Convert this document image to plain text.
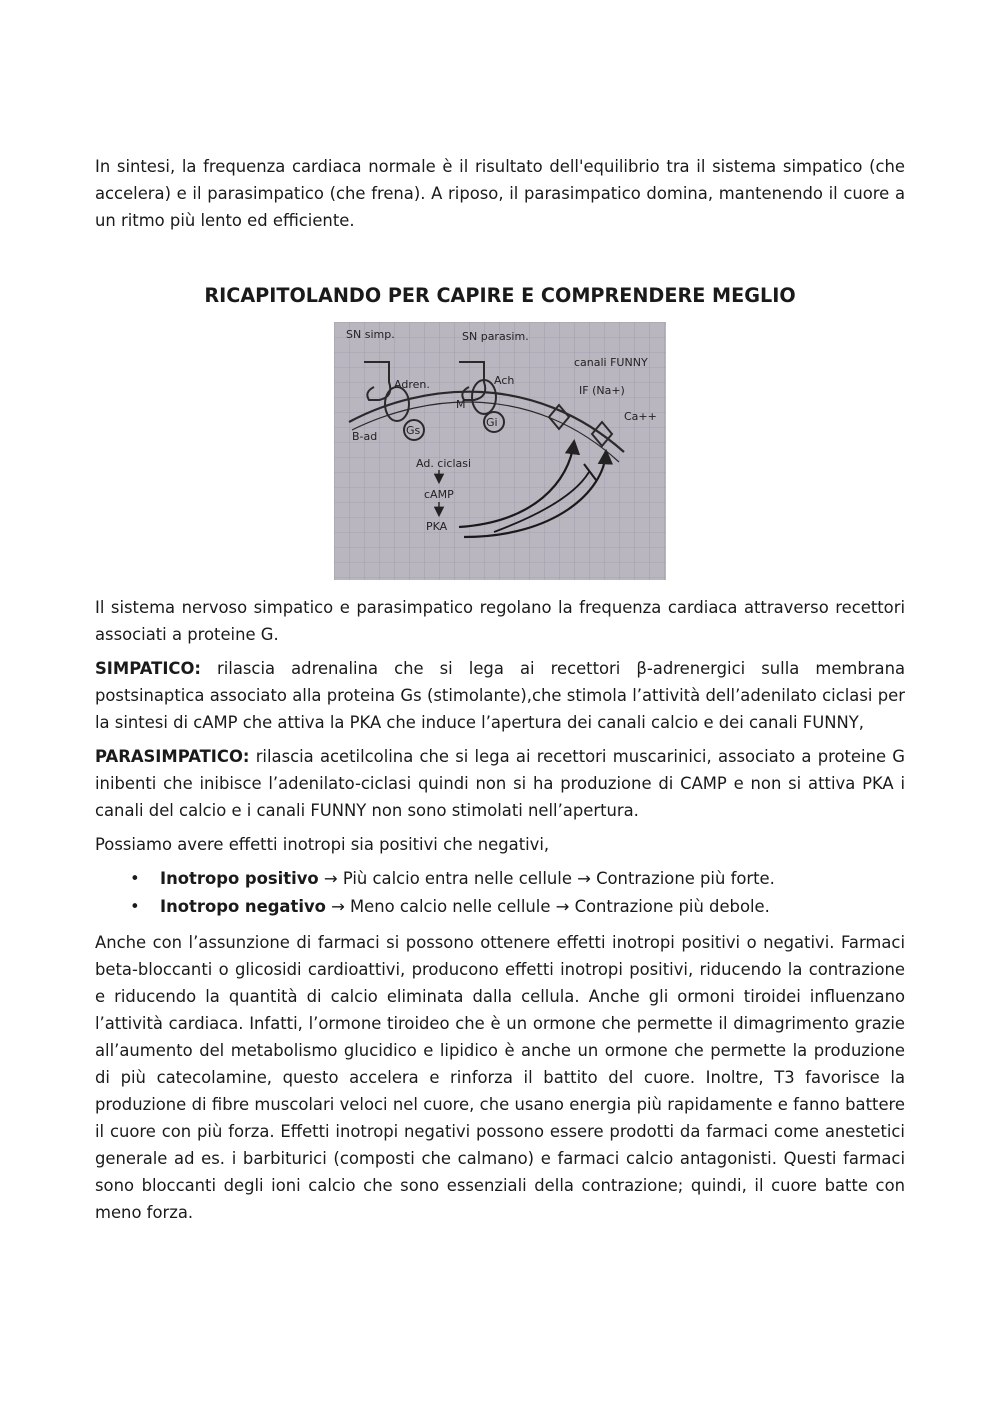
In sintesi, la frequenza cardiaca normale è il risultato dell'equilibrio tra il sistema simpatico (che accelera) e il parasimpatico (che frena). A riposo, il parasimpatico domina, mantenendo il cuore a un ritmo più lento ed efficiente.

RICAPITOLANDO PER CAPIRE E COMPRENDERE MEGLIO
SN simp.	SN parasim.
Adren.	Ach
B-ad
M
Gs
Gi
canali FUNNY
IF (Na+)
Ca++
Ad. ciclasi
cAMP
PKA

Il sistema nervoso simpatico e parasimpatico regolano la frequenza cardiaca attraverso recettori associati a proteine G.

SIMPATICO: rilascia adrenalina che si lega ai recettori β-adrenergici sulla membrana postsinaptica associato alla proteina Gs (stimolante),che stimola l’attività dell’adenilato ciclasi per la sintesi di cAMP che attiva la PKA che induce l’apertura dei canali calcio e dei canali FUNNY,

PARASIMPATICO: rilascia acetilcolina che si lega ai recettori muscarinici, associato a proteine G inibenti che inibisce l’adenilato-ciclasi quindi non si ha produzione di CAMP e non si attiva PKA i canali del calcio e i canali FUNNY non sono stimolati nell’apertura.

Possiamo avere effetti inotropi sia positivi che negativi,

• Inotropo positivo → Più calcio entra nelle cellule → Contrazione più forte.
• Inotropo negativo → Meno calcio nelle cellule → Contrazione più debole.

Anche con l’assunzione di farmaci si possono ottenere effetti inotropi positivi o negativi. Farmaci beta-bloccanti o glicosidi cardioattivi, producono effetti inotropi positivi, riducendo la contrazione e riducendo la quantità di calcio eliminata dalla cellula. Anche gli ormoni tiroidei influenzano l’attività cardiaca. Infatti, l’ormone tiroideo che è un ormone che permette il dimagrimento grazie all’aumento del metabolismo glucidico e lipidico è anche un ormone che permette la produzione di più catecolamine, questo accelera e rinforza il battito del cuore. Inoltre, T3 favorisce la produzione di fibre muscolari veloci nel cuore, che usano energia più rapidamente e fanno battere il cuore con più forza. Effetti inotropi negativi possono essere prodotti da farmaci come anestetici generale ad es. i barbiturici (composti che calmano) e farmaci calcio antagonisti. Questi farmaci sono bloccanti degli ioni calcio che sono essenziali della contrazione; quindi, il cuore batte con meno forza.
